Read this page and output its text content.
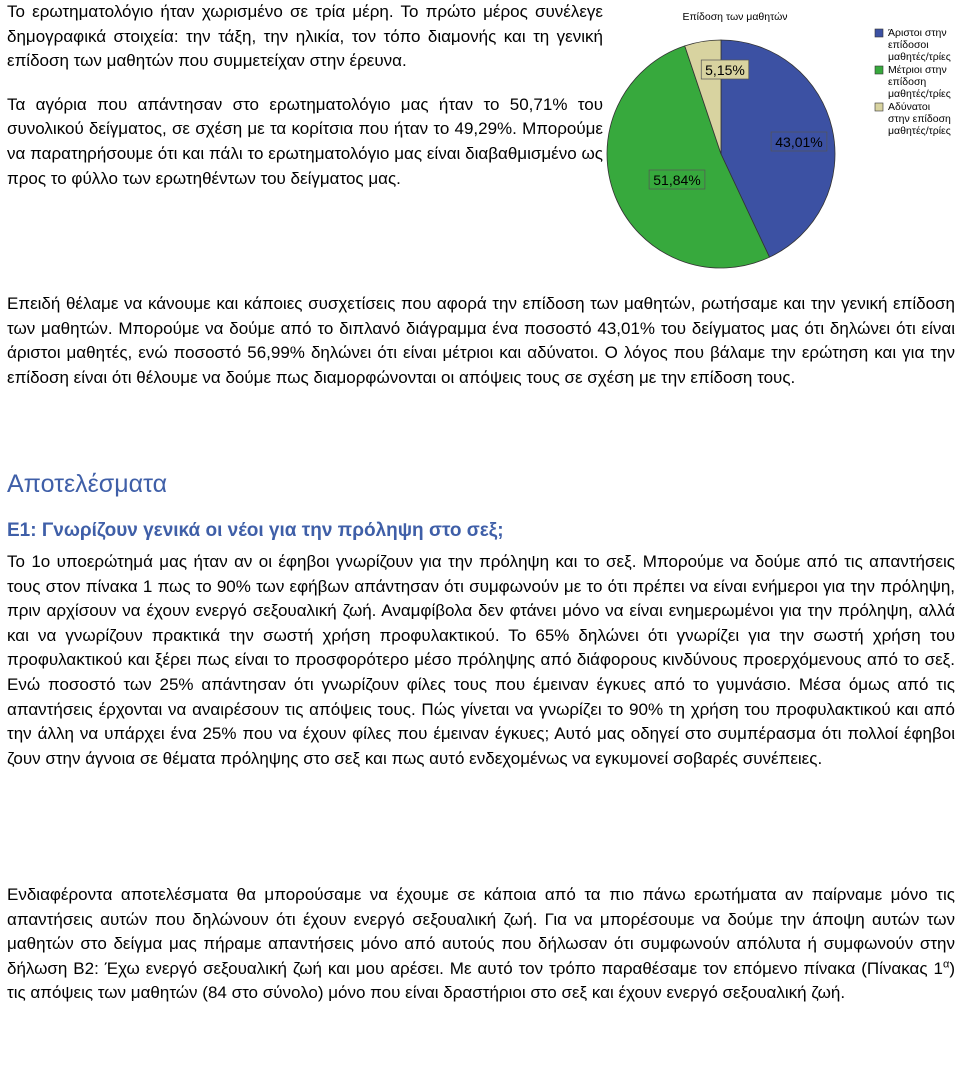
Το ερωτηματολόγιο ήταν χωρισμένο σε τρία μέρη. Το πρώτο μέρος συνέλεγε δημογραφικά στοιχεία: την τάξη, την ηλικία, τον τόπο διαμονής και τη γενική επίδοση των μαθητών που συμμετείχαν στην έρευνα.

Τα αγόρια που απάντησαν στο ερωτηματολόγιο μας ήταν το 50,71% του συνολικού δείγματος, σε σχέση με τα κορίτσια που ήταν το 49,29%. Μπορούμε να παρατηρήσουμε ότι και πάλι το ερωτηματολόγιο μας είναι διαβαθμισμένο ως προς το φύλλο των ερωτηθέντων του δείγματος μας.

Επίδοση των μαθητών
43,01%
51,84%
5,15%
Άριστοι στην
επίδοσοι
μαθητές/τρίες
Μέτριοι στην
επίδοση
μαθητές/τρίες
Αδύνατοι
στην επίδοση
μαθητές/τρίες

Επειδή θέλαμε να κάνουμε και κάποιες συσχετίσεις που αφορά την επίδοση των μαθητών, ρωτήσαμε και την γενική επίδοση των μαθητών. Μπορούμε να δούμε από το διπλανό διάγραμμα ένα ποσοστό 43,01% του δείγματος μας ότι δηλώνει ότι είναι άριστοι μαθητές, ενώ ποσοστό 56,99% δηλώνει ότι είναι μέτριοι και αδύνατοι. Ο λόγος που βάλαμε την ερώτηση και για την επίδοση είναι ότι θέλουμε να δούμε πως διαμορφώνονται οι απόψεις τους σε σχέση με την επίδοση τους.

Αποτελέσματα
Ε1: Γνωρίζουν γενικά οι νέοι για την πρόληψη στο σεξ;

Το 1ο υποερώτημά μας ήταν αν οι έφηβοι γνωρίζουν για την πρόληψη και το σεξ. Μπορούμε να δούμε από τις απαντήσεις τους στον πίνακα 1 πως το 90% των εφήβων απάντησαν ότι συμφωνούν με το ότι πρέπει να είναι ενήμεροι για την πρόληψη, πριν αρχίσουν να έχουν ενεργό σεξουαλική ζωή. Αναμφίβολα δεν φτάνει μόνο να είναι ενημερωμένοι για την πρόληψη, αλλά και να γνωρίζουν πρακτικά την σωστή χρήση προφυλακτικού. Το 65% δηλώνει ότι γνωρίζει για την σωστή χρήση του προφυλακτικού και ξέρει πως είναι το προσφορότερο μέσο πρόληψης από διάφορους κινδύνους προερχόμενους από το σεξ. Ενώ ποσοστό των 25% απάντησαν ότι γνωρίζουν φίλες τους που έμειναν έγκυες από το γυμνάσιο. Μέσα όμως από τις απαντήσεις έρχονται να αναιρέσουν τις απόψεις τους. Πώς γίνεται να γνωρίζει το 90% τη χρήση του προφυλακτικού και από την άλλη να υπάρχει ένα 25% που να έχουν φίλες που έμειναν έγκυες; Αυτό μας οδηγεί στο συμπέρασμα ότι πολλοί έφηβοι ζουν στην άγνοια σε θέματα πρόληψης στο σεξ και πως αυτό ενδεχομένως να εγκυμονεί σοβαρές συνέπειες.

Ενδιαφέροντα αποτελέσματα θα μπορούσαμε να έχουμε σε κάποια από τα πιο πάνω ερωτήματα αν παίρναμε μόνο τις απαντήσεις αυτών που δηλώνουν ότι έχουν ενεργό σεξουαλική ζωή. Για να μπορέσουμε να δούμε την άποψη αυτών των μαθητών στο δείγμα μας πήραμε απαντήσεις μόνο από αυτούς που δήλωσαν ότι συμφωνούν απόλυτα ή συμφωνούν στην δήλωση Β2: Έχω ενεργό σεξουαλική ζωή και μου αρέσει. Με αυτό τον τρόπο παραθέσαμε τον επόμενο πίνακα (Πίνακας $1^\alpha$) τις απόψεις των μαθητών (84 στο σύνολο) μόνο που είναι δραστήριοι στο σεξ και έχουν ενεργό σεξουαλική ζωή.
